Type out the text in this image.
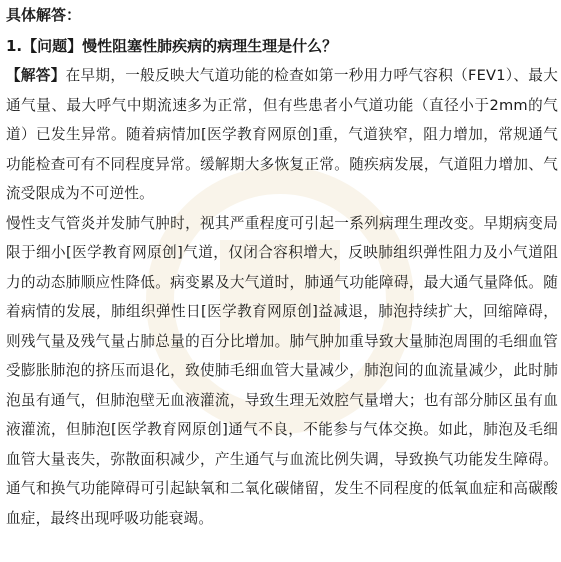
具体解答：
1.【问题】慢性阻塞性肺疾病的病理生理是什么？

【解答】在早期，一般反映大气道功能的检查如第一秒用力呼气容积（FEV1）、最大通气量、最大呼气中期流速多为正常，但有些患者小气道功能（直径小于2mm的气道）已发生异常。随着病情加[医学教育网原创]重，气道狭窄，阻力增加，常规通气功能检查可有不同程度异常。缓解期大多恢复正常。随疾病发展，气道阻力增加、气流受限成为不可逆性。

慢性支气管炎并发肺气肿时，视其严重程度可引起一系列病理生理改变。早期病变局限于细小[医学教育网原创]气道，仅闭合容积增大，反映肺组织弹性阻力及小气道阻力的动态肺顺应性降低。病变累及大气道时，肺通气功能障碍，最大通气量降低。随着病情的发展，肺组织弹性日[医学教育网原创]益减退，肺泡持续扩大，回缩障碍，则残气量及残气量占肺总量的百分比增加。肺气肿加重导致大量肺泡周围的毛细血管受膨胀肺泡的挤压而退化，致使肺毛细血管大量减少，肺泡间的血流量减少，此时肺泡虽有通气，但肺泡壁无血液灌流，导致生理无效腔气量增大；也有部分肺区虽有血液灌流，但肺泡[医学教育网原创]通气不良，不能参与气体交换。如此，肺泡及毛细血管大量丧失，弥散面积减少，产生通气与血流比例失调，导致换气功能发生障碍。通气和换气功能障碍可引起缺氧和二氧化碳储留，发生不同程度的低氧血症和高碳酸血症，最终出现呼吸功能衰竭。
